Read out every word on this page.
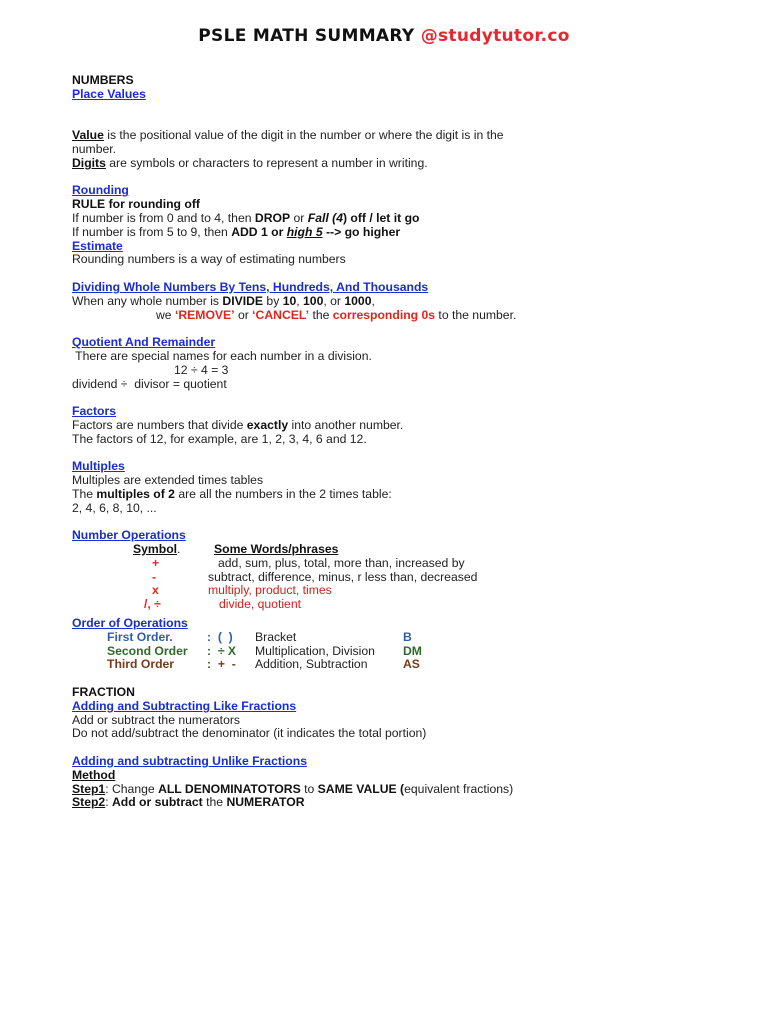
PSLE MATH SUMMARY @studytutor.co
NUMBERS
Place Values
Value is the positional value of the digit in the number or where the digit is in the
number.
Digits are symbols or characters to represent a number in writing.
Rounding
RULE for rounding off
If number is from 0 and to 4, then DROP or Fall (4) off / let it go
If number is from 5 to 9, then ADD 1 or high 5 --> go higher
Estimate
Rounding numbers is a way of estimating numbers
Dividing Whole Numbers By Tens, Hundreds, And Thousands
When any whole number is DIVIDE by 10, 100, or 1000,
we ‘REMOVE’ or ‘CANCEL’ the corresponding 0s to the number.
Quotient And Remainder
There are special names for each number in a division.
12 ÷ 4 = 3
dividend ÷  divisor = quotient
Factors
Factors are numbers that divide exactly into another number.
The factors of 12, for example, are 1, 2, 3, 4, 6 and 12.
Multiples
Multiples are extended times tables
The multiples of 2 are all the numbers in the 2 times table:
2, 4, 6, 8, 10, ...
Number Operations
Symbol.	Some Words/phrases
+	add, sum, plus, total, more than, increased by
-	subtract, difference, minus, r less than, decreased
x	multiply, product, times
/, ÷	divide, quotient
Order of Operations
First Order.	:  (  )	Bracket	B
Second Order	:  ÷ X	Multiplication, Division	DM
Third Order	:  +  -	Addition, Subtraction	AS
FRACTION
Adding and Subtracting Like Fractions
Add or subtract the numerators
Do not add/subtract the denominator (it indicates the total portion)
Adding and subtracting Unlike Fractions
Method
Step1: Change ALL DENOMINATOTORS to SAME VALUE (equivalent fractions)
Step2: Add or subtract the NUMERATOR
